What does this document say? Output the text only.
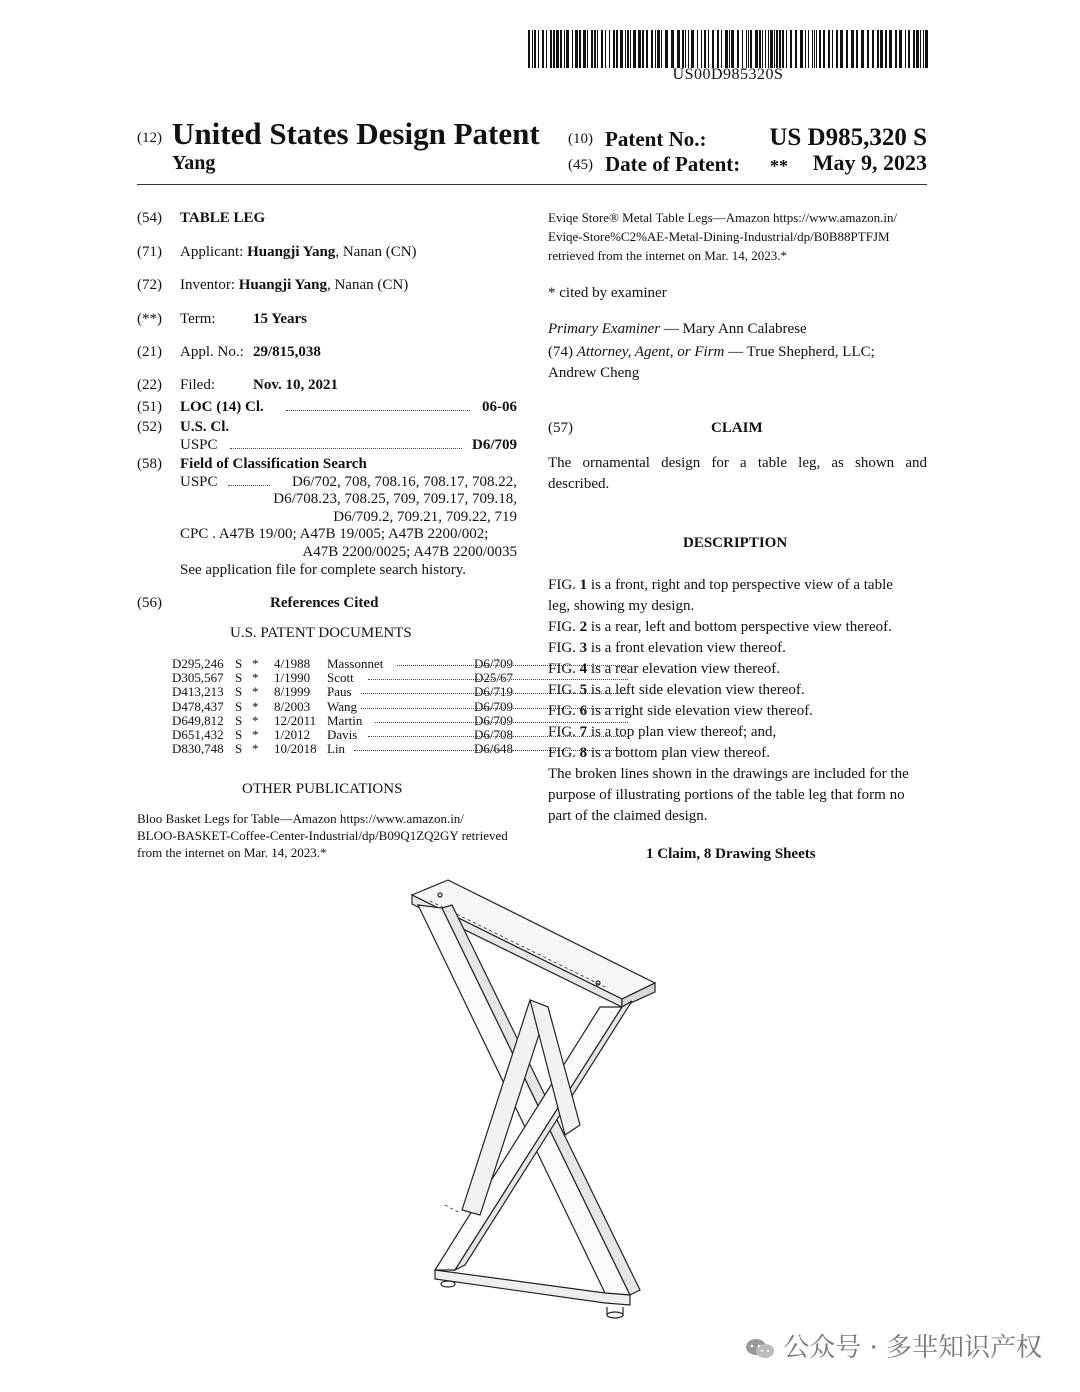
US00D985320S
(12) United States Design Patent
Yang
(10) Patent No.:	US D985,320 S
(45) Date of Patent: ** May 9, 2023
(54) TABLE LEG
(71) Applicant: Huangji Yang, Nanan (CN)
(72) Inventor: Huangji Yang, Nanan (CN)
(**) Term: 15 Years
(21) Appl. No.: 29/815,038
(22) Filed:	Nov. 10, 2021
(51) LOC (14) Cl.	06-06
(52) U.S. Cl.
USPC	D6/709
(58) Field of Classification Search
USPC	D6/702, 708, 708.16, 708.17, 708.22,
D6/708.23, 708.25, 709, 709.17, 709.18,
D6/709.2, 709.21, 709.22, 719
CPC . A47B 19/00; A47B 19/005; A47B 2200/002;
A47B 2200/0025; A47B 2200/0035
See application file for complete search history.
(56)	References Cited
U.S. PATENT DOCUMENTS
D295,246 S * 4/1988 Massonnet	D6/709
D305,567 S * 1/1990 Scott	D25/67
D413,213 S * 8/1999 Paus	D6/719
D478,437 S * 8/2003 Wang	D6/709
D649,812 S * 12/2011 Martin	D6/709
D651,432 S * 1/2012 Davis	D6/708
D830,748 S * 10/2018 Lin	D6/648
OTHER PUBLICATIONS
Bloo Basket Legs for Table—Amazon https://www.amazon.in/
BLOO-BASKET-Coffee-Center-Industrial/dp/B09Q1ZQ2GY retrieved
from the internet on Mar. 14, 2023.*
Eviqe Store® Metal Table Legs—Amazon https://www.amazon.in/
Eviqe-Store%C2%AE-Metal-Dining-Industrial/dp/B0B88PTFJM
retrieved from the internet on Mar. 14, 2023.*
* cited by examiner
Primary Examiner — Mary Ann Calabrese
(74) Attorney, Agent, or Firm — True Shepherd, LLC;
Andrew Cheng
(57)	CLAIM
The ornamental design for a table leg, as shown and
described.
DESCRIPTION
FIG. 1 is a front, right and top perspective view of a table
leg, showing my design.
FIG. 2 is a rear, left and bottom perspective view thereof.
FIG. 3 is a front elevation view thereof.
FIG. 4 is a rear elevation view thereof.
FIG. 5 is a left side elevation view thereof.
FIG. 6 is a right side elevation view thereof.
FIG. 7 is a top plan view thereof; and,
FIG. 8 is a bottom plan view thereof.
The broken lines shown in the drawings are included for the
purpose of illustrating portions of the table leg that form no
part of the claimed design.
1 Claim, 8 Drawing Sheets
公众号 · 多芈知识产权
